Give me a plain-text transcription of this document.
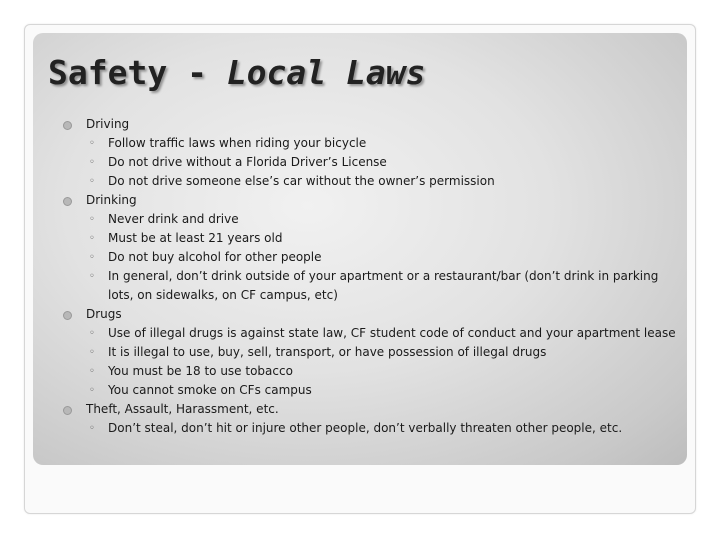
Safety - Local Laws
Driving
◦ Follow traffic laws when riding your bicycle
◦ Do not drive without a Florida Driver’s License
◦ Do not drive someone else’s car without the owner’s permission
Drinking
◦ Never drink and drive
◦ Must be at least 21 years old
◦ Do not buy alcohol for other people
◦ In general, don’t drink outside of your apartment or a restaurant/bar (don’t drink in parking lots, on sidewalks, on CF campus, etc)
Drugs
◦ Use of illegal drugs is against state law, CF student code of conduct and your apartment lease
◦ It is illegal to use, buy, sell, transport, or have possession of illegal drugs
◦ You must be 18 to use tobacco
◦ You cannot smoke on CFs campus
Theft, Assault, Harassment, etc.
◦ Don’t steal, don’t hit or injure other people, don’t verbally threaten other people, etc.
